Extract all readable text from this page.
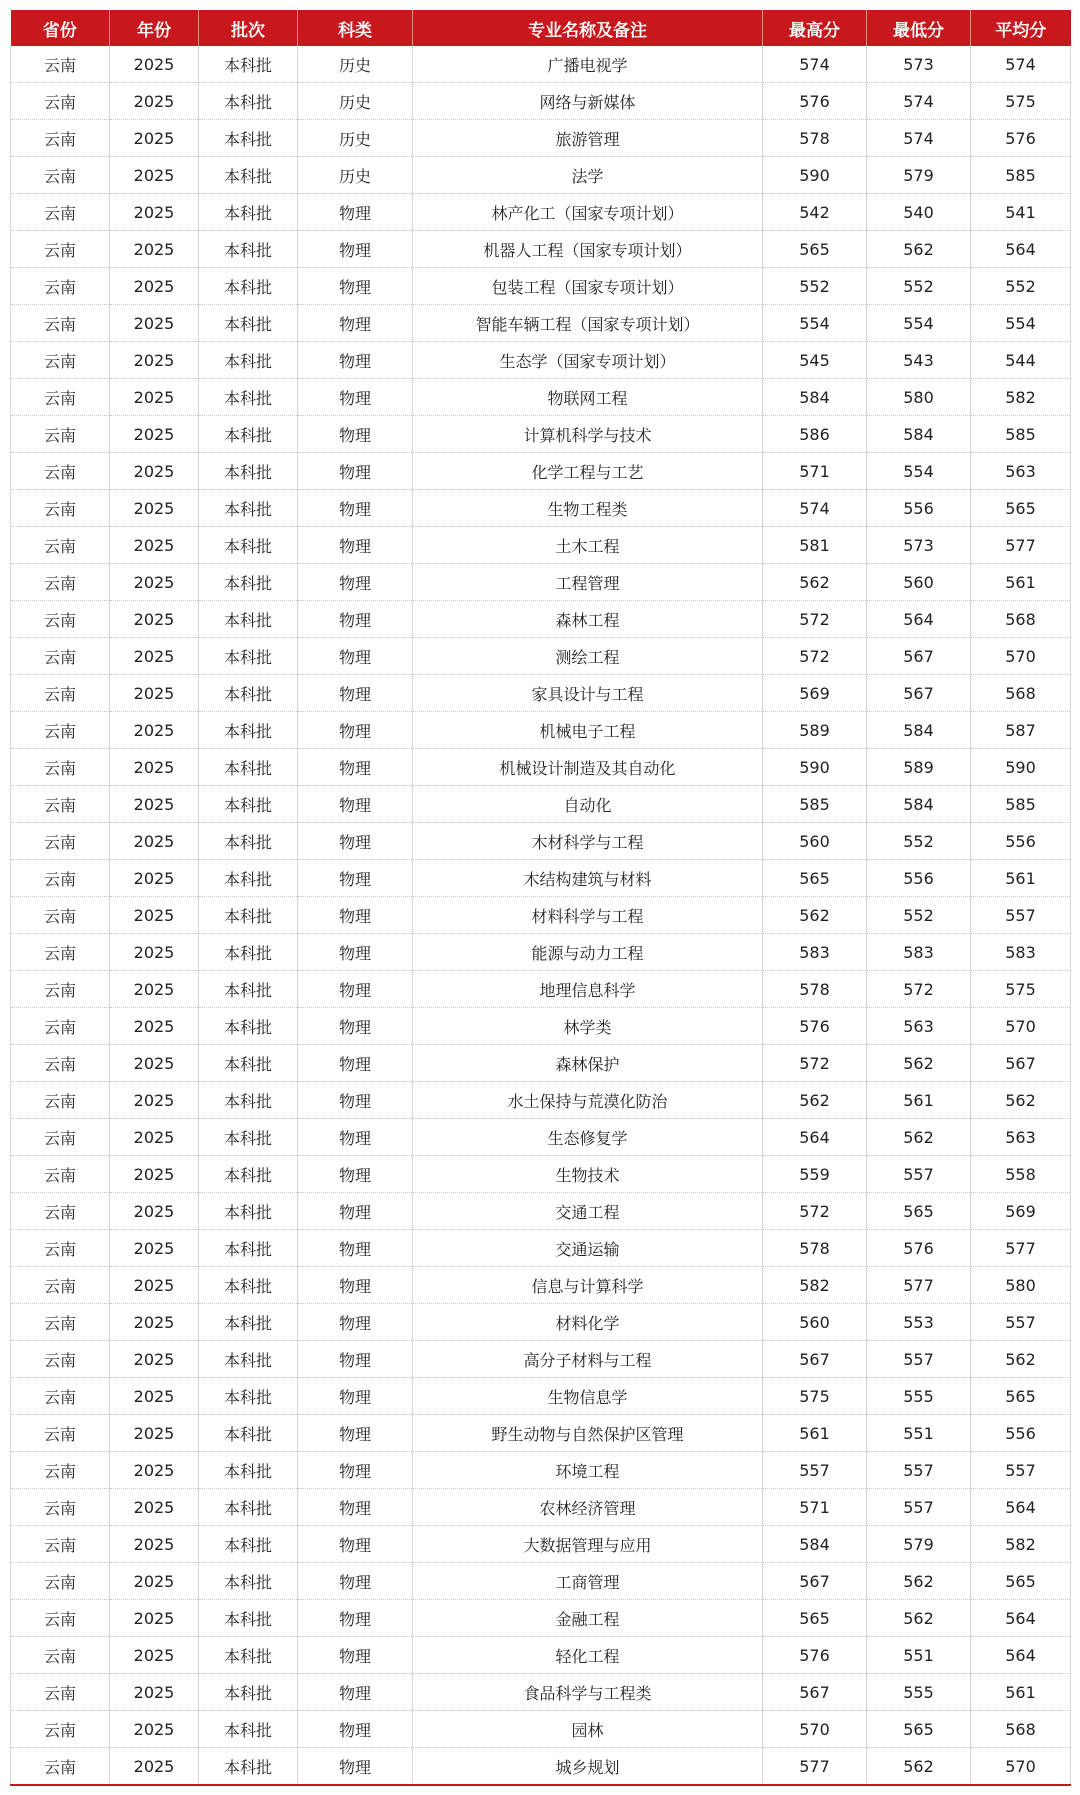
省份	年份	批次	科类	专业名称及备注	最高分	最低分	平均分
云南	2025	本科批	历史	广播电视学	574	573	574
云南	2025	本科批	历史	网络与新媒体	576	574	575
云南	2025	本科批	历史	旅游管理	578	574	576
云南	2025	本科批	历史	法学	590	579	585
云南	2025	本科批	物理	林产化工（国家专项计划）	542	540	541
云南	2025	本科批	物理	机器人工程（国家专项计划）	565	562	564
云南	2025	本科批	物理	包装工程（国家专项计划）	552	552	552
云南	2025	本科批	物理	智能车辆工程（国家专项计划）	554	554	554
云南	2025	本科批	物理	生态学（国家专项计划）	545	543	544
云南	2025	本科批	物理	物联网工程	584	580	582
云南	2025	本科批	物理	计算机科学与技术	586	584	585
云南	2025	本科批	物理	化学工程与工艺	571	554	563
云南	2025	本科批	物理	生物工程类	574	556	565
云南	2025	本科批	物理	土木工程	581	573	577
云南	2025	本科批	物理	工程管理	562	560	561
云南	2025	本科批	物理	森林工程	572	564	568
云南	2025	本科批	物理	测绘工程	572	567	570
云南	2025	本科批	物理	家具设计与工程	569	567	568
云南	2025	本科批	物理	机械电子工程	589	584	587
云南	2025	本科批	物理	机械设计制造及其自动化	590	589	590
云南	2025	本科批	物理	自动化	585	584	585
云南	2025	本科批	物理	木材科学与工程	560	552	556
云南	2025	本科批	物理	木结构建筑与材料	565	556	561
云南	2025	本科批	物理	材料科学与工程	562	552	557
云南	2025	本科批	物理	能源与动力工程	583	583	583
云南	2025	本科批	物理	地理信息科学	578	572	575
云南	2025	本科批	物理	林学类	576	563	570
云南	2025	本科批	物理	森林保护	572	562	567
云南	2025	本科批	物理	水土保持与荒漠化防治	562	561	562
云南	2025	本科批	物理	生态修复学	564	562	563
云南	2025	本科批	物理	生物技术	559	557	558
云南	2025	本科批	物理	交通工程	572	565	569
云南	2025	本科批	物理	交通运输	578	576	577
云南	2025	本科批	物理	信息与计算科学	582	577	580
云南	2025	本科批	物理	材料化学	560	553	557
云南	2025	本科批	物理	高分子材料与工程	567	557	562
云南	2025	本科批	物理	生物信息学	575	555	565
云南	2025	本科批	物理	野生动物与自然保护区管理	561	551	556
云南	2025	本科批	物理	环境工程	557	557	557
云南	2025	本科批	物理	农林经济管理	571	557	564
云南	2025	本科批	物理	大数据管理与应用	584	579	582
云南	2025	本科批	物理	工商管理	567	562	565
云南	2025	本科批	物理	金融工程	565	562	564
云南	2025	本科批	物理	轻化工程	576	551	564
云南	2025	本科批	物理	食品科学与工程类	567	555	561
云南	2025	本科批	物理	园林	570	565	568
云南	2025	本科批	物理	城乡规划	577	562	570
